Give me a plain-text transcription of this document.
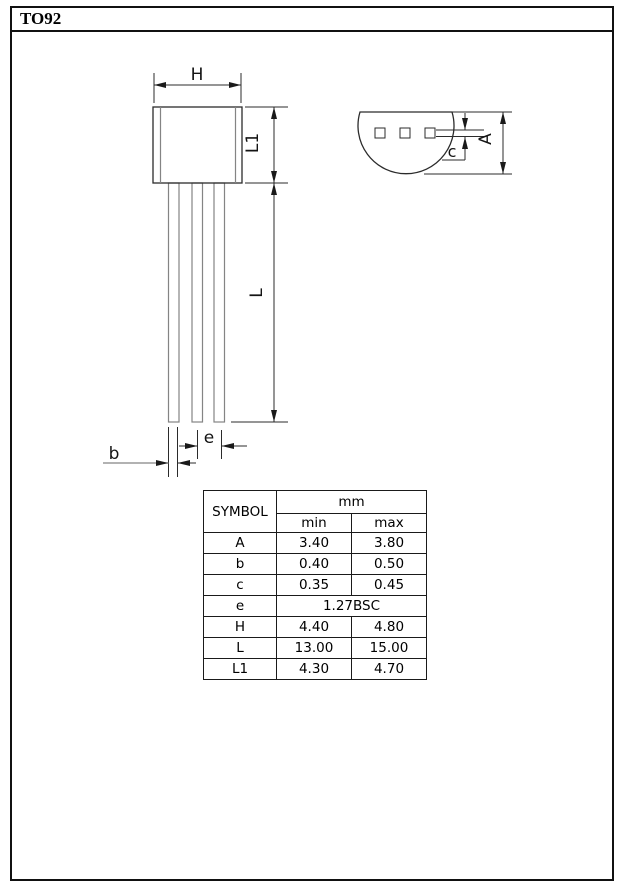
TO92
H
L1
L
b
e
c
A
SYMBOL	mm	
	min	max
A	3.40	3.80
b	0.40	0.50
c	0.35	0.45
e	1.27BSC	
H	4.40	4.80
L	13.00	15.00
L1	4.30	4.70
